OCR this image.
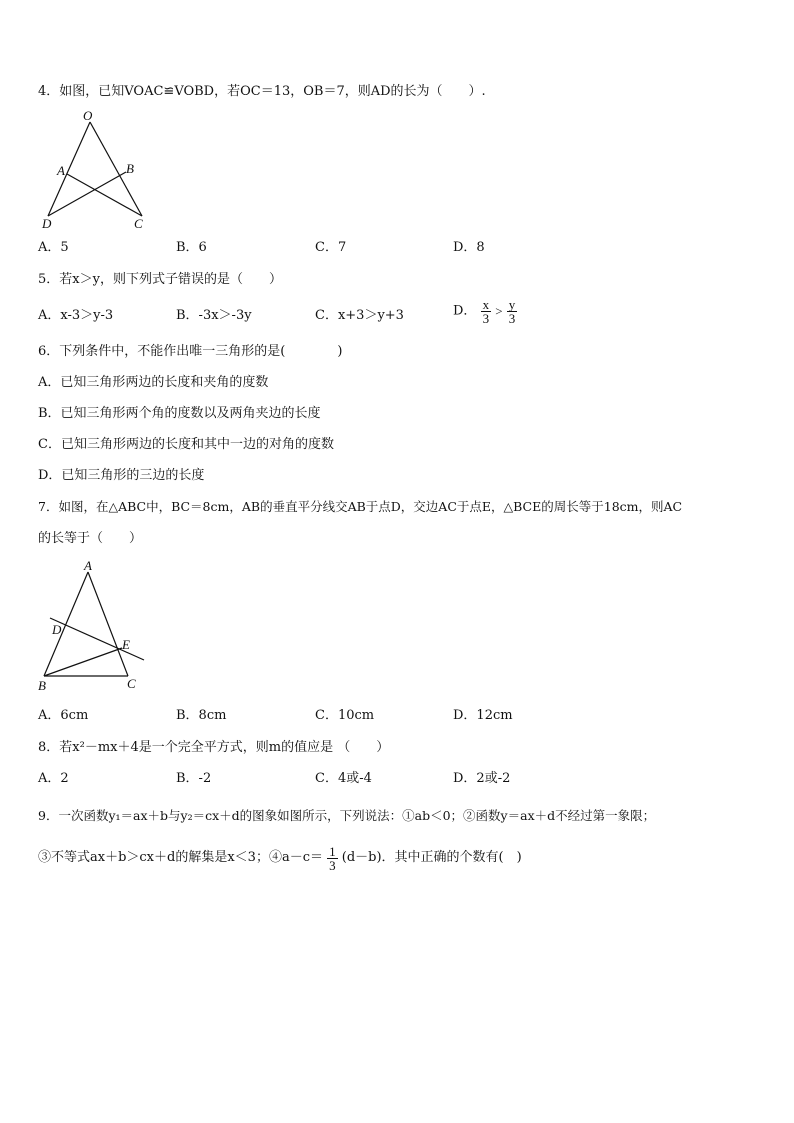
4．如图，已知VOAC≌VOBD，若OC＝13，OB＝7，则AD的长为（　　）.
O
A	B
D	C
A．5	B．6	C．7	D．8
5．若x＞y，则下列式子错误的是（　　）
A．x-3＞y-3	B．-3x＞-3y	C．x+3＞y+3	D． $\frac{x}{3} > \frac{y}{3}$
6．下列条件中，不能作出唯一三角形的是(　　　　)
A．已知三角形两边的长度和夹角的度数
B．已知三角形两个角的度数以及两角夹边的长度
C．已知三角形两边的长度和其中一边的对角的度数
D．已知三角形的三边的长度
7．如图，在△ABC中，BC＝8cm，AB的垂直平分线交AB于点D，交边AC于点E，△BCE的周长等于18cm，则AC
的长等于（　　）
A
D
E
B	C
A．6cm	B．8cm	C．10cm	D．12cm
8．若x²－mx＋4是一个完全平方式，则m的值应是 （　　）
A．2	B．-2	C．4或-4	D．2或-2
9．一次函数y₁＝ax＋b与y₂＝cx＋d的图象如图所示，下列说法：①ab＜0；②函数y＝ax＋d不经过第一象限；
③不等式ax＋b＞cx＋d的解集是x＜3；④a－c＝ $\frac{1}{3} (d-b)$．其中正确的个数有(　)
